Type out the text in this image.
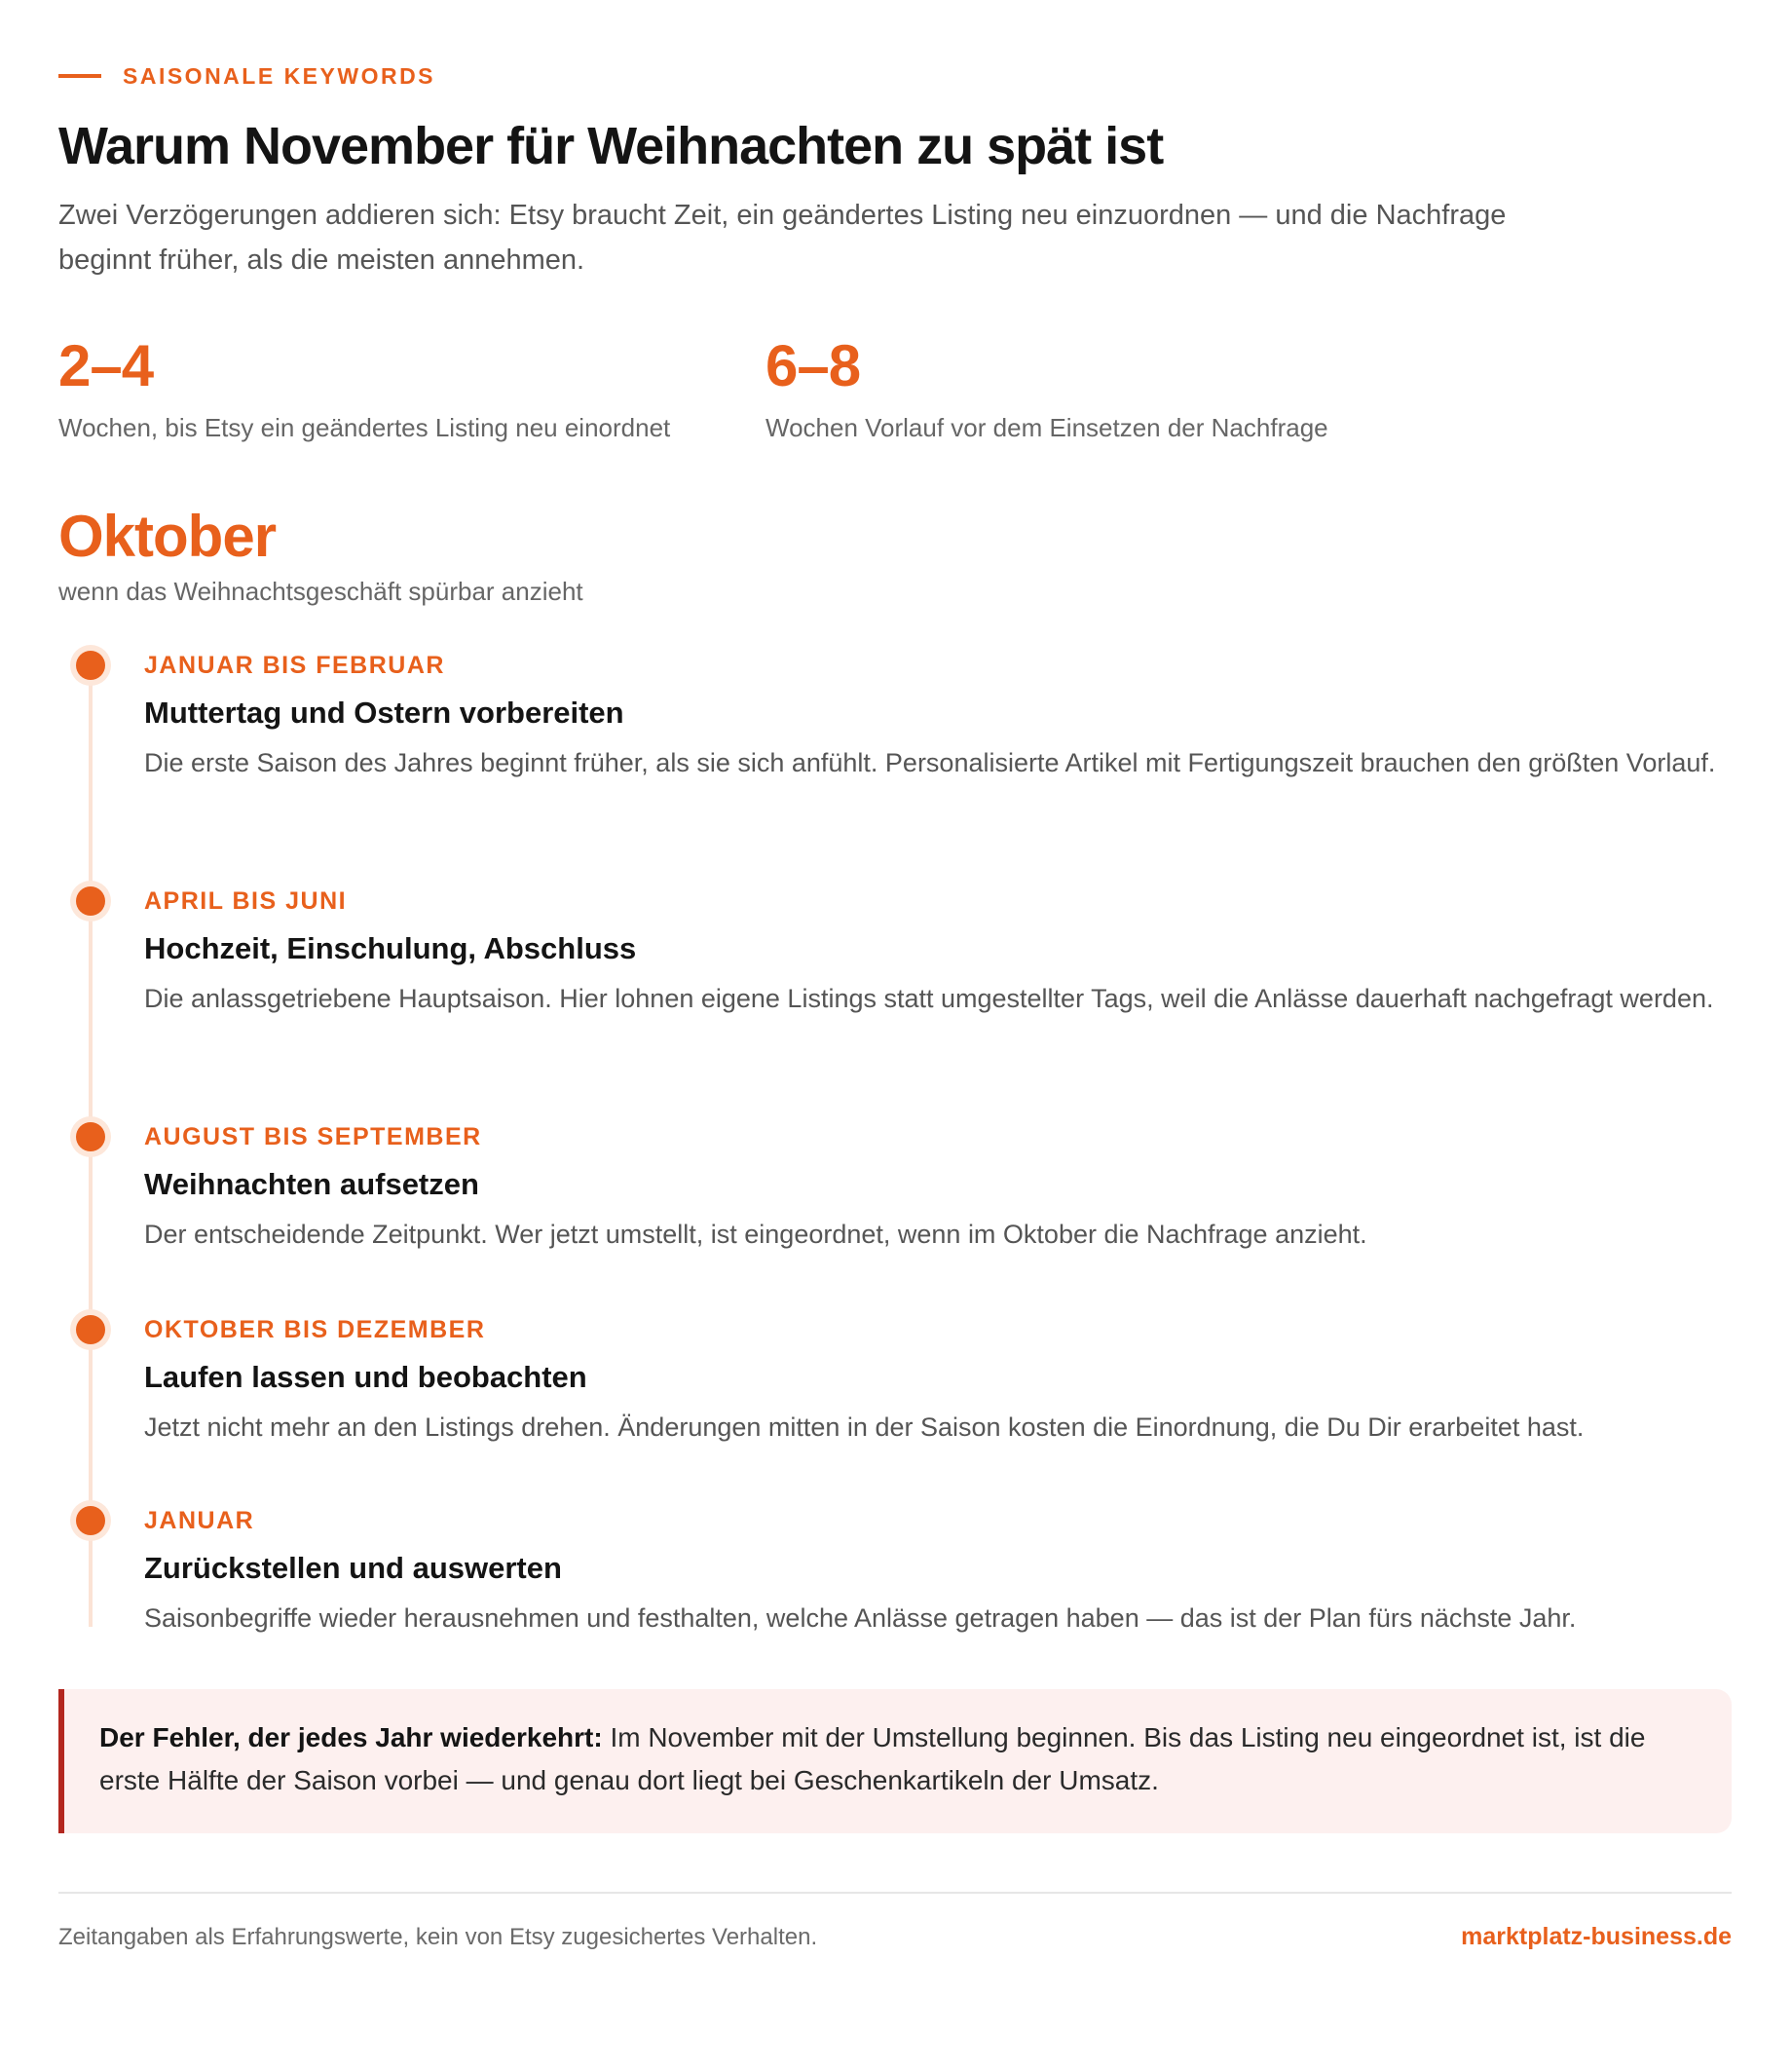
SAISONALE KEYWORDS
Warum November für Weihnachten zu spät ist
Zwei Verzögerungen addieren sich: Etsy braucht Zeit, ein geändertes Listing neu einzuordnen — und die Nachfrage beginnt früher, als die meisten annehmen.
2–4
Wochen, bis Etsy ein geändertes Listing neu einordnet
6–8
Wochen Vorlauf vor dem Einsetzen der Nachfrage
Oktober
wenn das Weihnachtsgeschäft spürbar anzieht
JANUAR BIS FEBRUAR
Muttertag und Ostern vorbereiten
Die erste Saison des Jahres beginnt früher, als sie sich anfühlt. Personalisierte Artikel mit Fertigungszeit brauchen den größten Vorlauf.
APRIL BIS JUNI
Hochzeit, Einschulung, Abschluss
Die anlassgetriebene Hauptsaison. Hier lohnen eigene Listings statt umgestellter Tags, weil die Anlässe dauerhaft nachgefragt werden.
AUGUST BIS SEPTEMBER
Weihnachten aufsetzen
Der entscheidende Zeitpunkt. Wer jetzt umstellt, ist eingeordnet, wenn im Oktober die Nachfrage anzieht.
OKTOBER BIS DEZEMBER
Laufen lassen und beobachten
Jetzt nicht mehr an den Listings drehen. Änderungen mitten in der Saison kosten die Einordnung, die Du Dir erarbeitet hast.
JANUAR
Zurückstellen und auswerten
Saisonbegriffe wieder herausnehmen und festhalten, welche Anlässe getragen haben — das ist der Plan fürs nächste Jahr.
Der Fehler, der jedes Jahr wiederkehrt: Im November mit der Umstellung beginnen. Bis das Listing neu eingeordnet ist, ist die erste Hälfte der Saison vorbei — und genau dort liegt bei Geschenkartikeln der Umsatz.
Zeitangaben als Erfahrungswerte, kein von Etsy zugesichertes Verhalten.	marktplatz-business.de
